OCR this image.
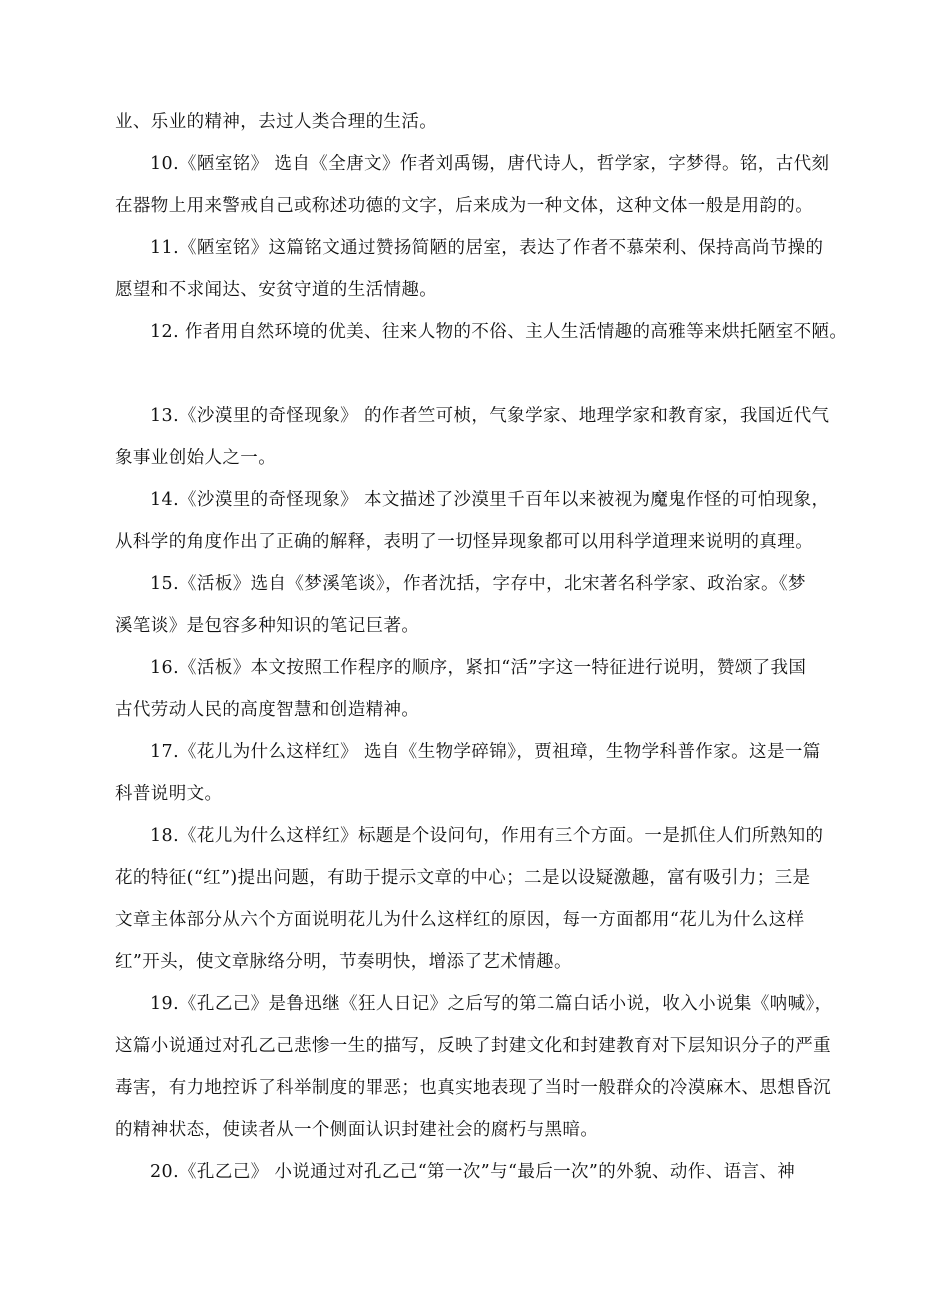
业、乐业的精神，去过人类合理的生活。
10.《陋室铭》 选自《全唐文》作者刘禹锡，唐代诗人，哲学家，字梦得。铭，古代刻
在器物上用来警戒自己或称述功德的文字，后来成为一种文体，这种文体一般是用韵的。
11.《陋室铭》这篇铭文通过赞扬简陋的居室，表达了作者不慕荣利、保持高尚节操的
愿望和不求闻达、安贫守道的生活情趣。
12. 作者用自然环境的优美、往来人物的不俗、主人生活情趣的高雅等来烘托陋室不陋。
13.《沙漠里的奇怪现象》 的作者竺可桢，气象学家、地理学家和教育家，我国近代气
象事业创始人之一。
14.《沙漠里的奇怪现象》 本文描述了沙漠里千百年以来被视为魔鬼作怪的可怕现象，
从科学的角度作出了正确的解释，表明了一切怪异现象都可以用科学道理来说明的真理。
15.《活板》选自《梦溪笔谈》，作者沈括，字存中，北宋著名科学家、政治家。《梦
溪笔谈》是包容多种知识的笔记巨著。
16.《活板》本文按照工作程序的顺序，紧扣“活”字这一特征进行说明，赞颂了我国
古代劳动人民的高度智慧和创造精神。
17.《花儿为什么这样红》 选自《生物学碎锦》，贾祖璋，生物学科普作家。这是一篇
科普说明文。
18.《花儿为什么这样红》标题是个设问句，作用有三个方面。一是抓住人们所熟知的
花的特征(“红”)提出问题，有助于提示文章的中心；二是以设疑激趣，富有吸引力；三是
文章主体部分从六个方面说明花儿为什么这样红的原因，每一方面都用“花儿为什么这样
红”开头，使文章脉络分明，节奏明快，增添了艺术情趣。
19.《孔乙己》是鲁迅继《狂人日记》之后写的第二篇白话小说，收入小说集《呐喊》，
这篇小说通过对孔乙己悲惨一生的描写，反映了封建文化和封建教育对下层知识分子的严重
毒害，有力地控诉了科举制度的罪恶；也真实地表现了当时一般群众的冷漠麻木、思想昏沉
的精神状态，使读者从一个侧面认识封建社会的腐朽与黑暗。
20.《孔乙己》 小说通过对孔乙己“第一次”与“最后一次”的外貌、动作、语言、神
